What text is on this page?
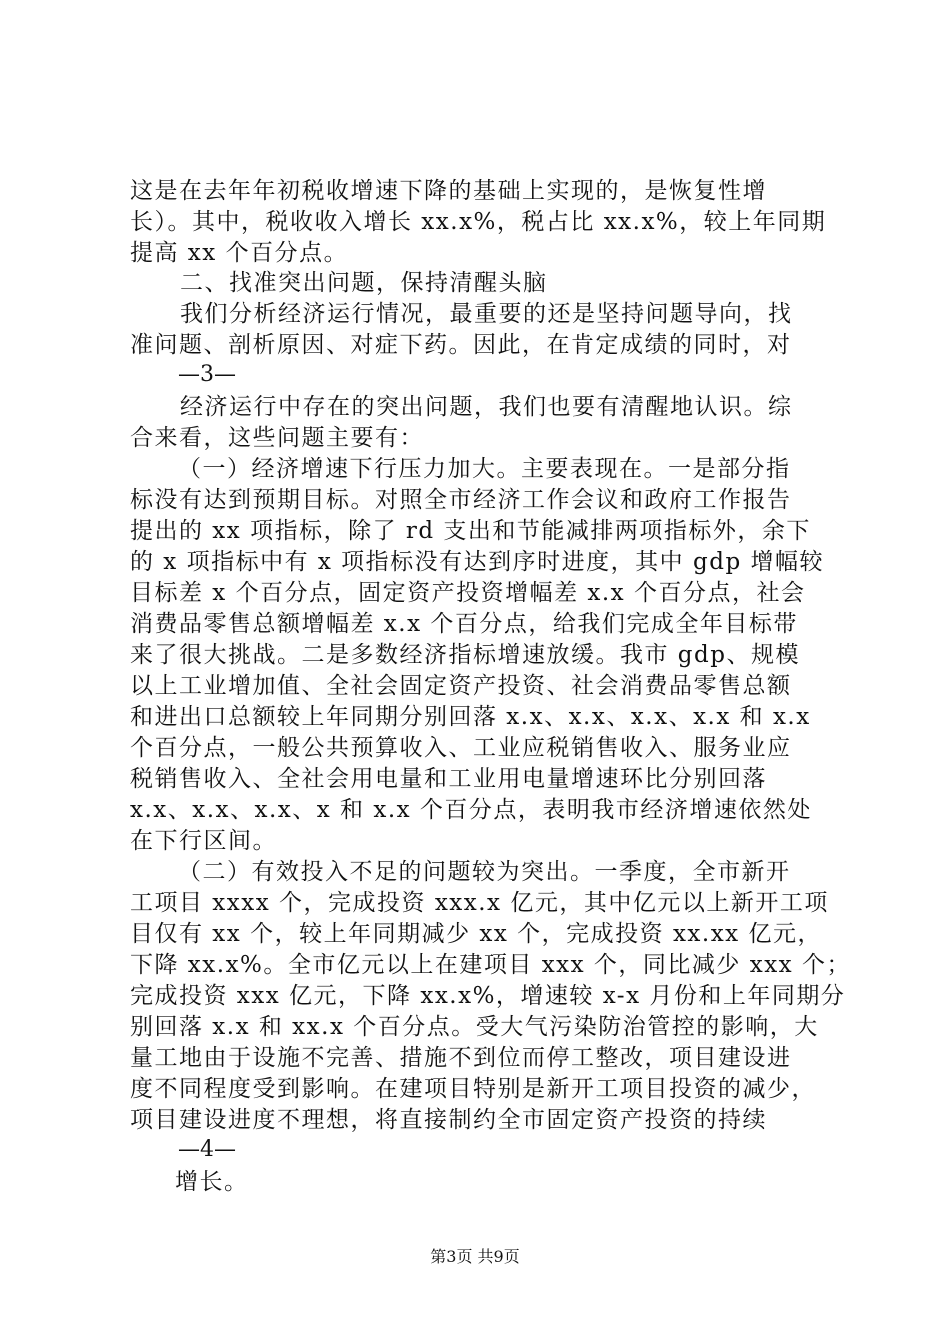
这是在去年年初税收增速下降的基础上实现的，是恢复性增
长）。其中，税收收入增长 xx.x%，税占比 xx.x%，较上年同期
提高 xx 个百分点。
二、找准突出问题，保持清醒头脑
我们分析经济运行情况，最重要的还是坚持问题导向，找
准问题、剖析原因、对症下药。因此，在肯定成绩的同时，对
—3—
经济运行中存在的突出问题，我们也要有清醒地认识。综
合来看，这些问题主要有：
（一）经济增速下行压力加大。主要表现在。一是部分指
标没有达到预期目标。对照全市经济工作会议和政府工作报告
提出的 xx 项指标，除了 rd 支出和节能减排两项指标外，余下
的 x 项指标中有 x 项指标没有达到序时进度，其中 gdp 增幅较
目标差 x 个百分点，固定资产投资增幅差 x.x 个百分点，社会
消费品零售总额增幅差 x.x 个百分点，给我们完成全年目标带
来了很大挑战。二是多数经济指标增速放缓。我市 gdp、规模
以上工业增加值、全社会固定资产投资、社会消费品零售总额
和进出口总额较上年同期分别回落 x.x、x.x、x.x、x.x 和 x.x
个百分点，一般公共预算收入、工业应税销售收入、服务业应
税销售收入、全社会用电量和工业用电量增速环比分别回落
x.x、x.x、x.x、x 和 x.x 个百分点，表明我市经济增速依然处
在下行区间。
（二）有效投入不足的问题较为突出。一季度，全市新开
工项目 xxxx 个，完成投资 xxx.x 亿元，其中亿元以上新开工项
目仅有 xx 个，较上年同期减少 xx 个，完成投资 xx.xx 亿元，
下降 xx.x%。全市亿元以上在建项目 xxx 个，同比减少 xxx 个；
完成投资 xxx 亿元，下降 xx.x%，增速较 x-x 月份和上年同期分
别回落 x.x 和 xx.x 个百分点。受大气污染防治管控的影响，大
量工地由于设施不完善、措施不到位而停工整改，项目建设进
度不同程度受到影响。在建项目特别是新开工项目投资的减少，
项目建设进度不理想，将直接制约全市固定资产投资的持续
—4—
增长。
第3页 共9页
